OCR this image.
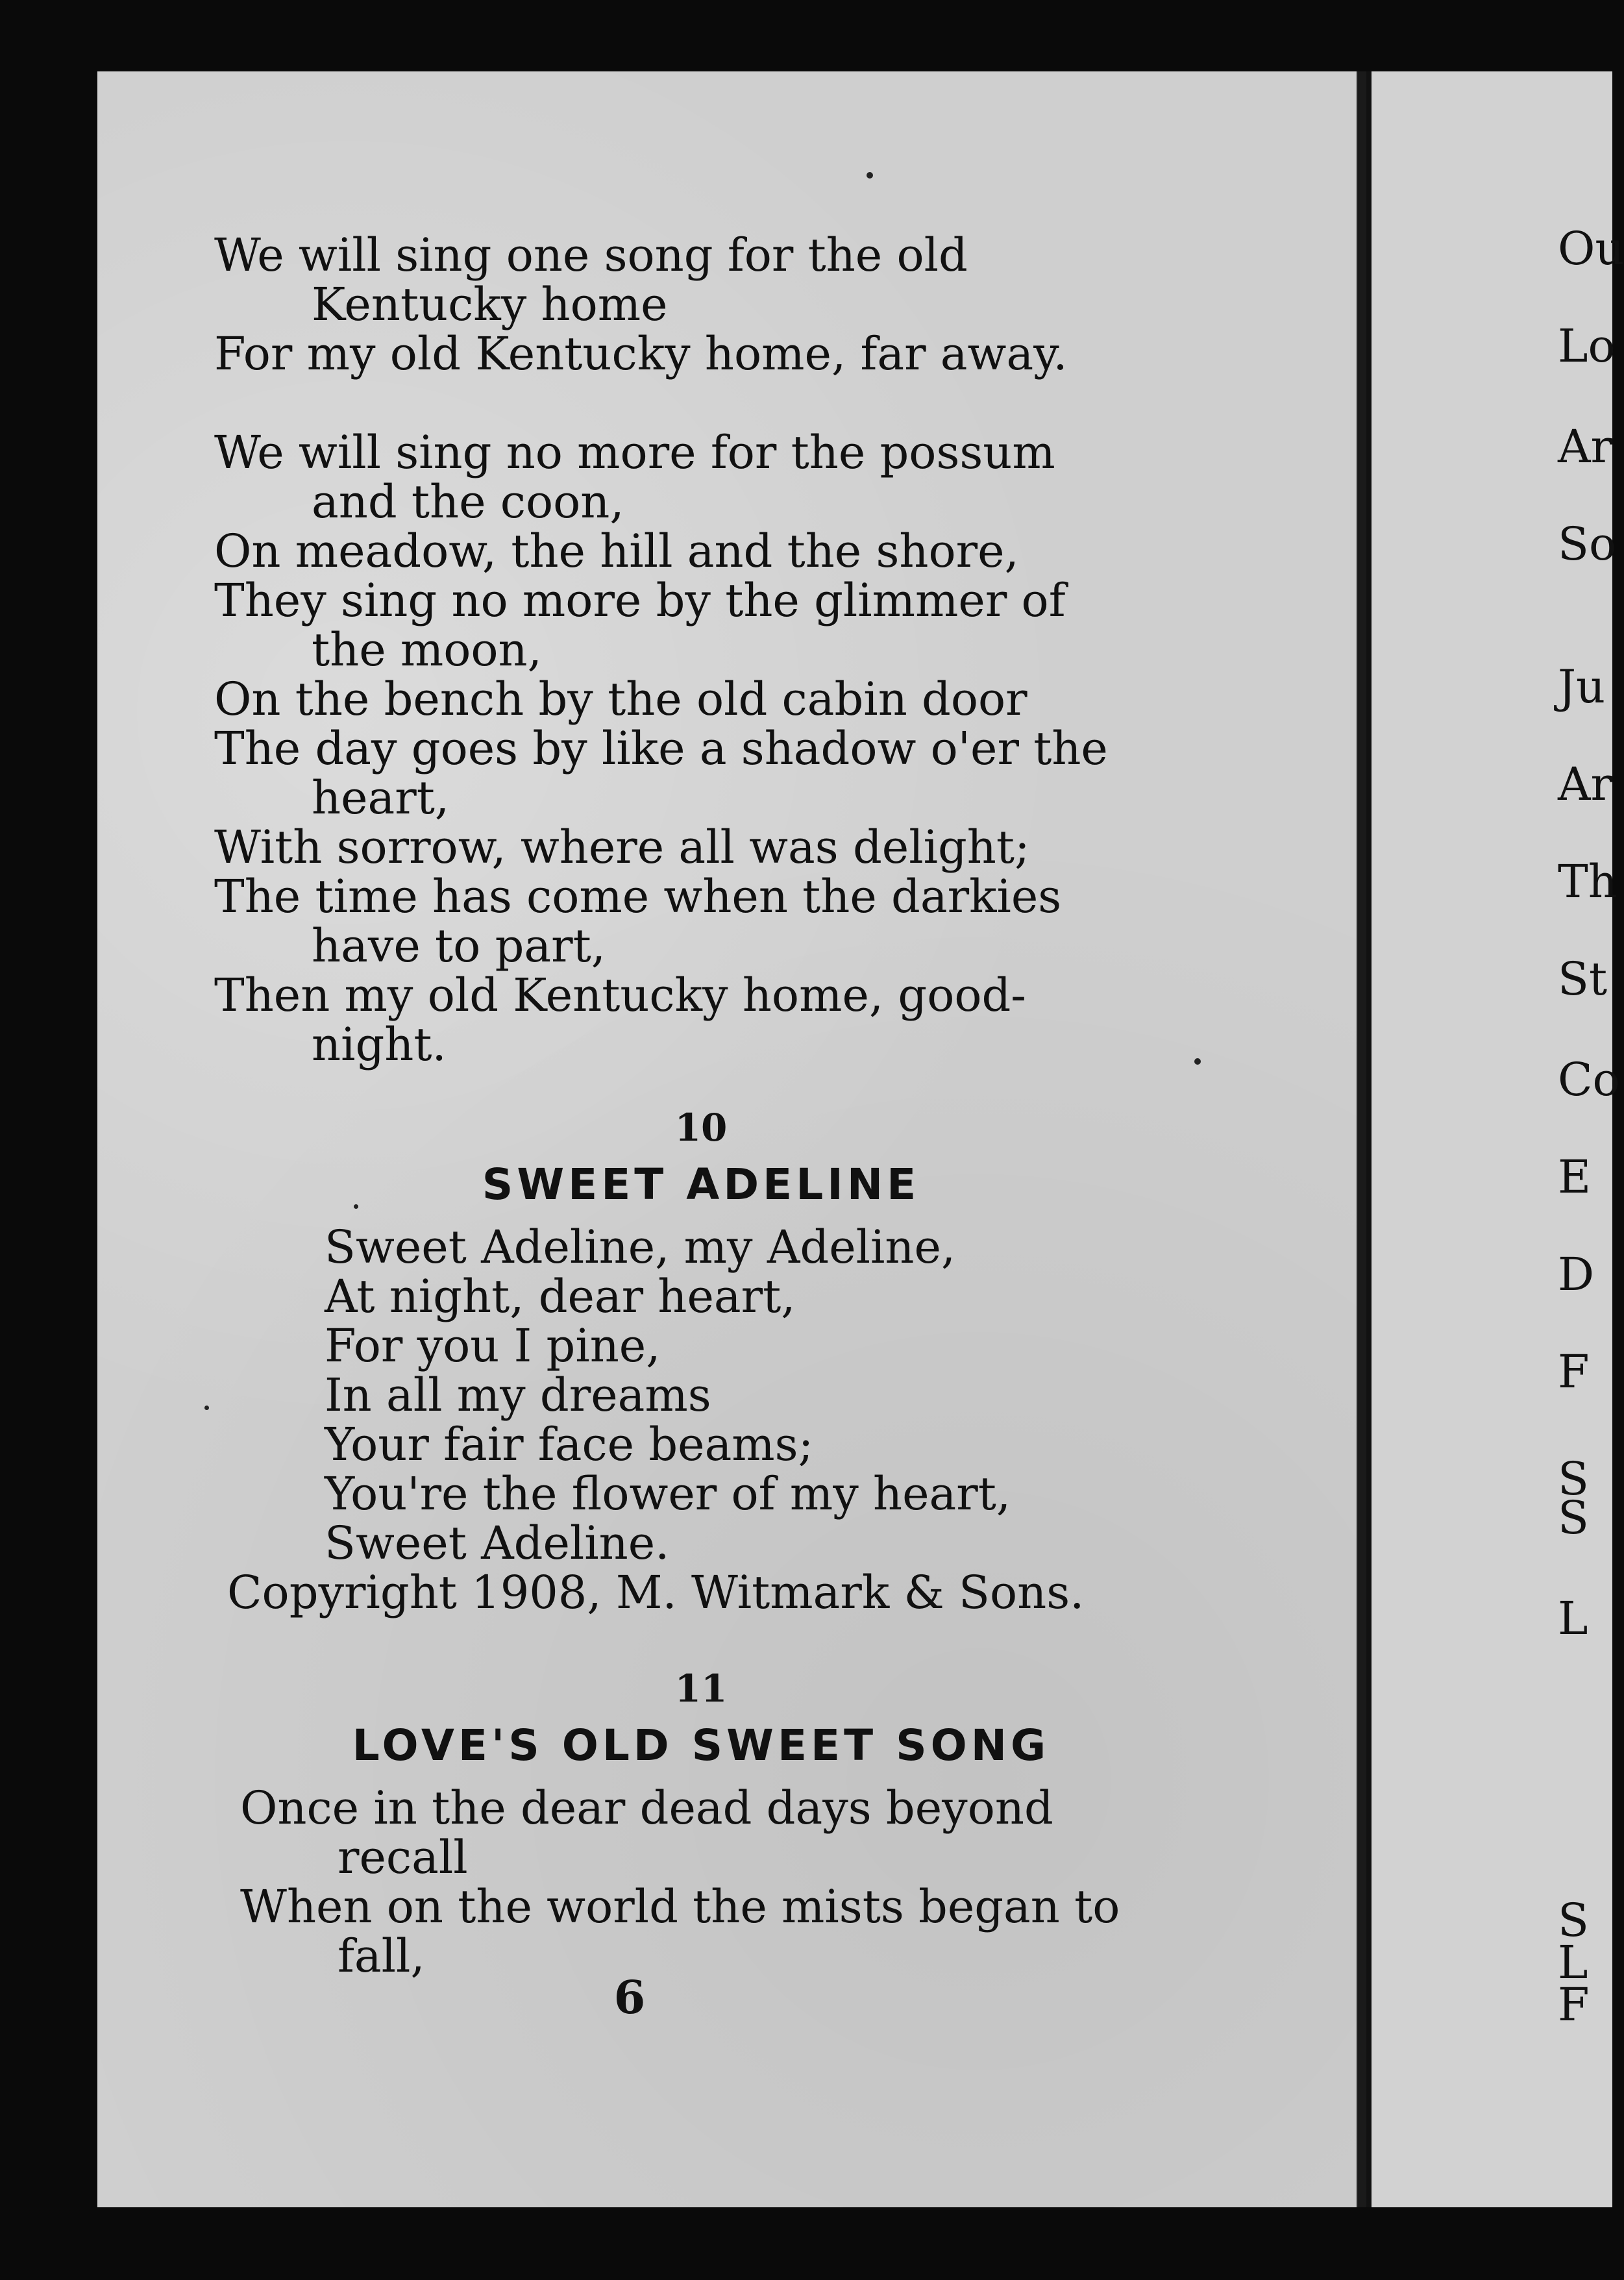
We will sing one song for the old
Kentucky home
For my old Kentucky home, far away.
We will sing no more for the possum
and the coon,
On meadow, the hill and the shore,
They sing no more by the glimmer of
the moon,
On the bench by the old cabin door
The day goes by like a shadow o'er the
heart,
With sorrow, where all was delight;
The time has come when the darkies
have to part,
Then my old Kentucky home, good-
night.
10
SWEET ADELINE
Sweet Adeline, my Adeline,
At night, dear heart,
For you I pine,
In all my dreams
Your fair face beams;
You're the flower of my heart,
Sweet Adeline.
Copyright 1908, M. Witmark & Sons.
11
LOVE'S OLD SWEET SONG
Once in the dear dead days beyond
recall
When on the world the mists began to
fall,
6
Ou
Lo
Ar
So
Ju
Ar
Th
St
Co
E
D
F
S
S
L
S
L
F
